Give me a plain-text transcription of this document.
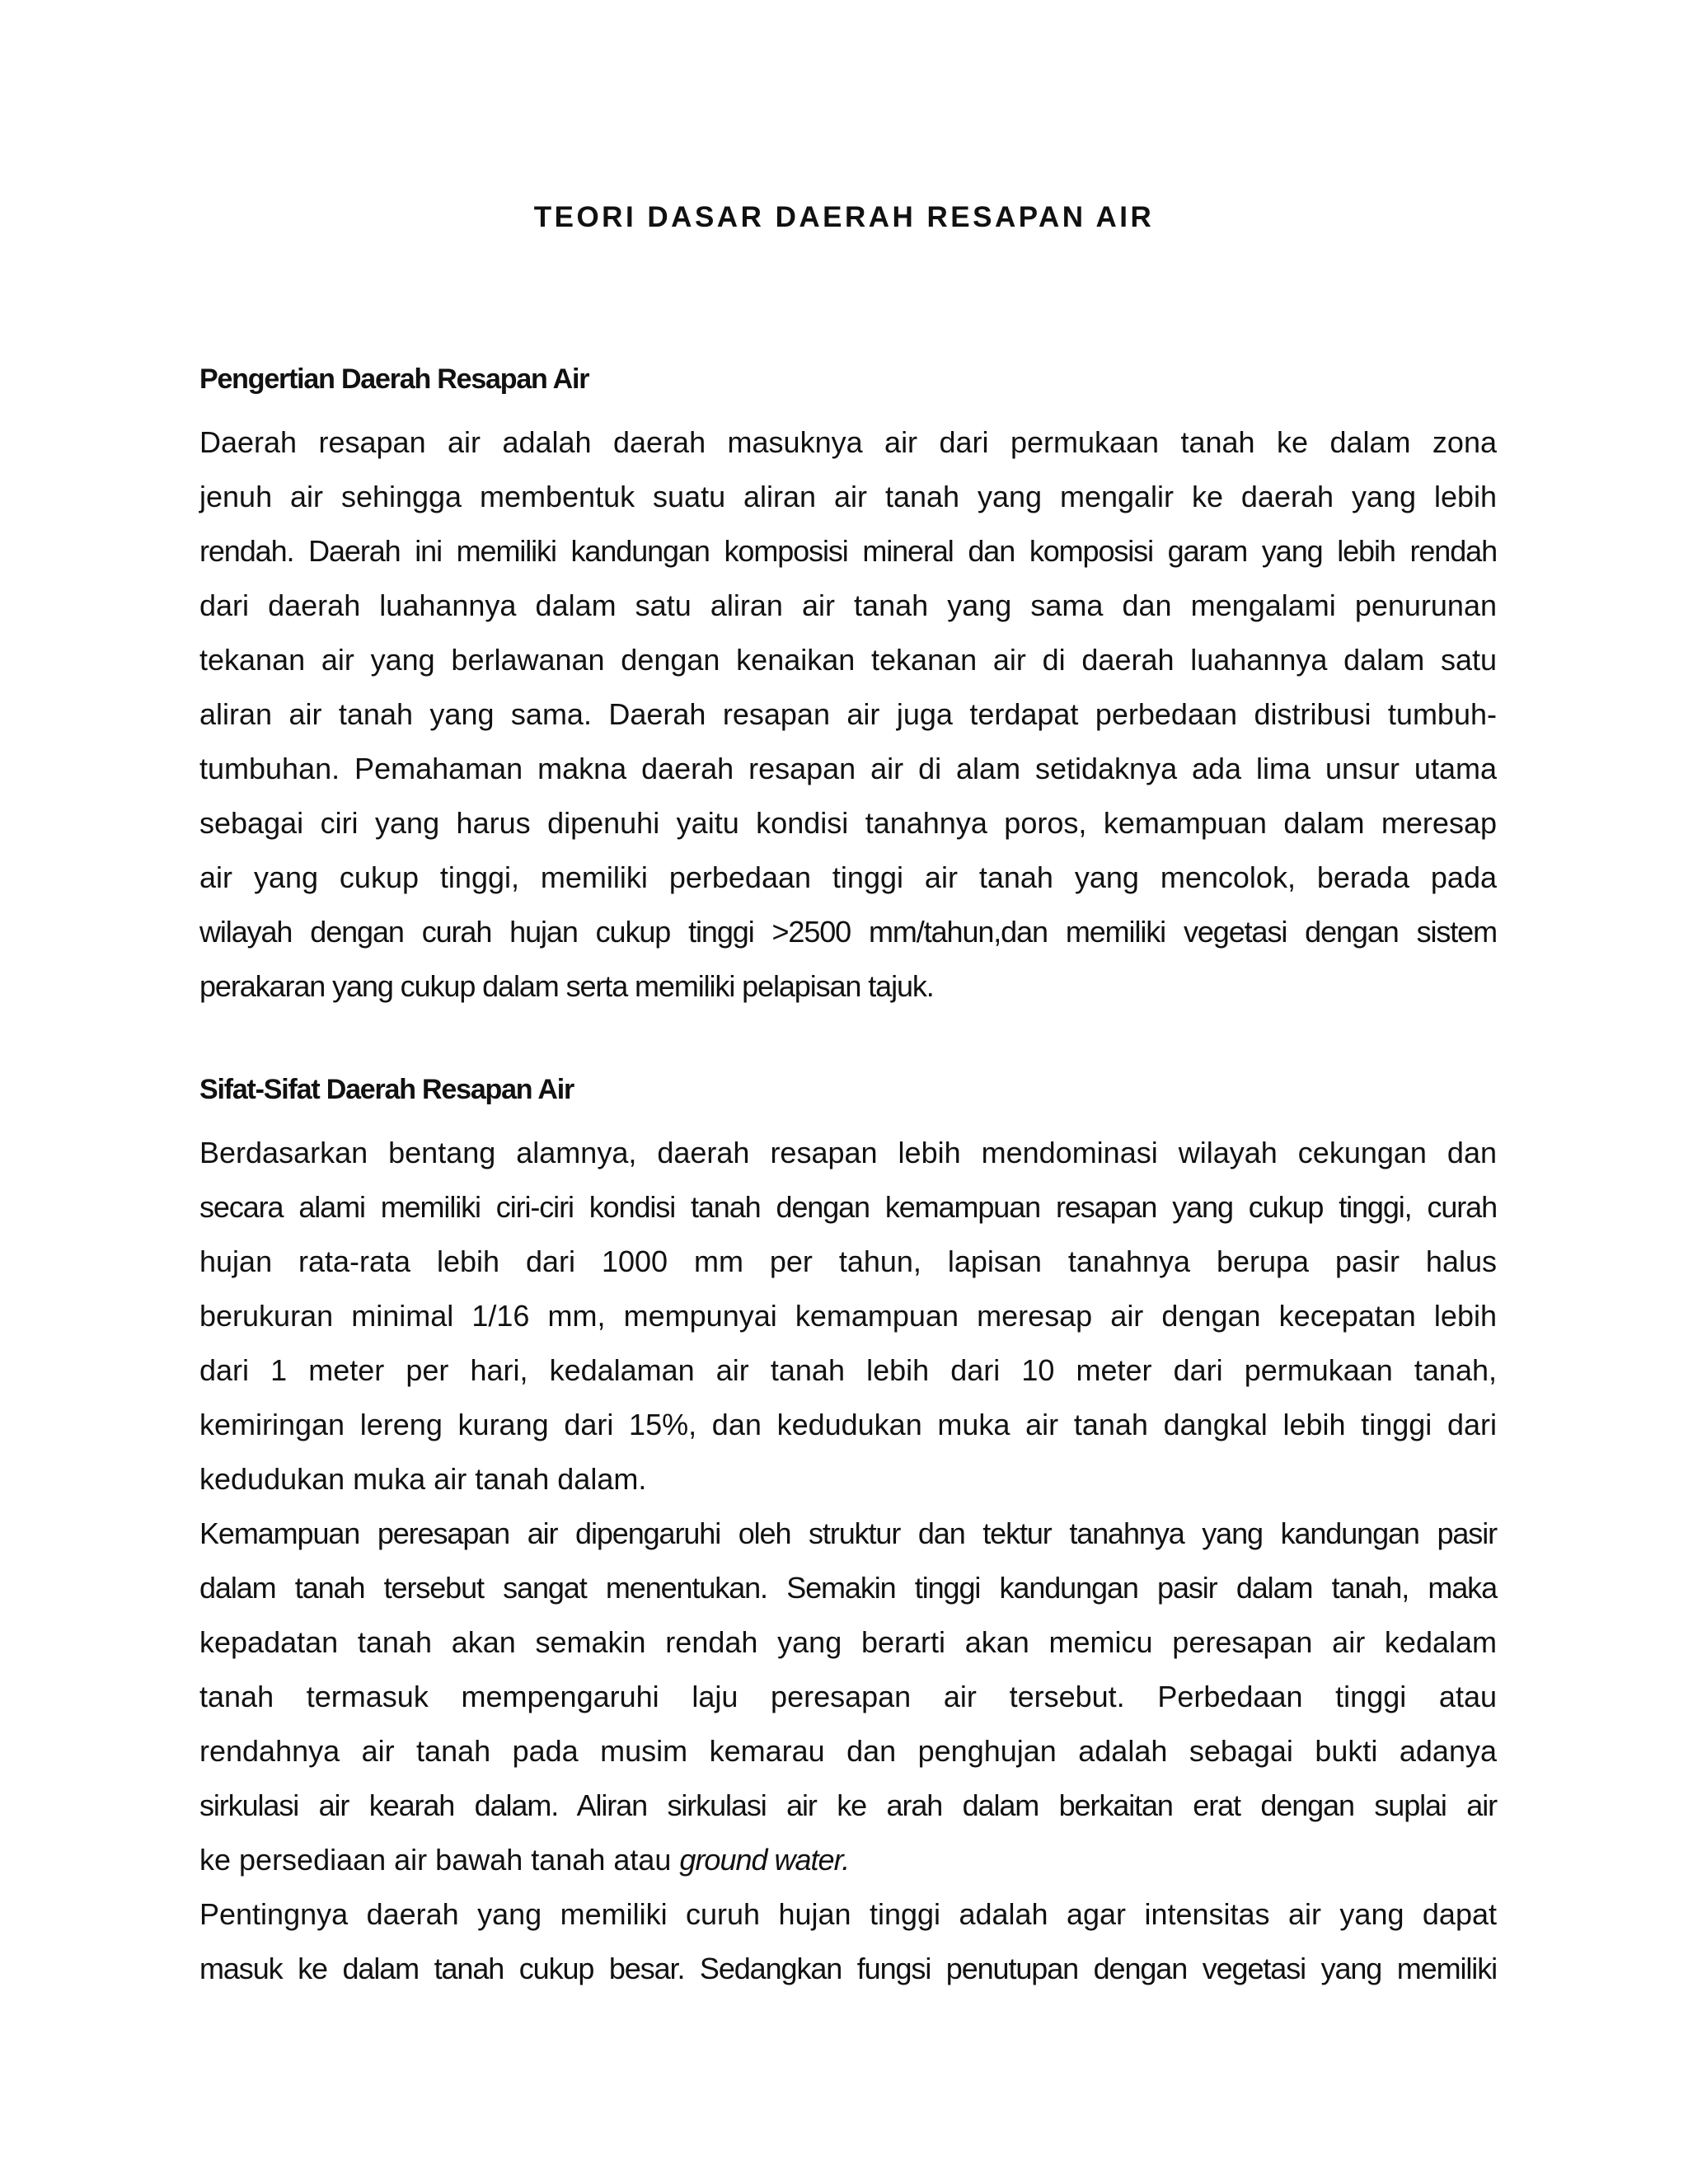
TEORI DASAR DAERAH RESAPAN AIR
Pengertian Daerah Resapan Air

Daerah resapan air adalah daerah masuknya air dari permukaan tanah ke dalam zona
jenuh air sehingga membentuk suatu aliran air tanah yang mengalir ke daerah yang lebih
rendah. Daerah ini memiliki kandungan komposisi mineral dan komposisi garam yang lebih rendah
dari daerah luahannya dalam satu aliran air tanah yang sama dan mengalami penurunan
tekanan air yang berlawanan dengan kenaikan tekanan air di daerah luahannya dalam satu
aliran air tanah yang sama. Daerah resapan air juga terdapat perbedaan distribusi tumbuh-
tumbuhan. Pemahaman makna daerah resapan air di alam setidaknya ada lima unsur utama
sebagai ciri yang harus dipenuhi yaitu kondisi tanahnya poros, kemampuan dalam meresap
air yang cukup tinggi, memiliki perbedaan tinggi air tanah yang mencolok, berada pada
wilayah dengan curah hujan cukup tinggi >2500 mm/tahun,dan memiliki vegetasi dengan sistem
perakaran yang cukup dalam serta memiliki pelapisan tajuk.

Sifat-Sifat Daerah Resapan Air

Berdasarkan bentang alamnya, daerah resapan lebih mendominasi wilayah cekungan dan
secara alami memiliki ciri-ciri kondisi tanah dengan kemampuan resapan yang cukup tinggi, curah
hujan rata-rata lebih dari 1000 mm per tahun, lapisan tanahnya berupa pasir halus
berukuran minimal 1/16 mm, mempunyai kemampuan meresap air dengan kecepatan lebih
dari 1 meter per hari, kedalaman air tanah lebih dari 10 meter dari permukaan tanah,
kemiringan lereng kurang dari 15%, dan kedudukan muka air tanah dangkal lebih tinggi dari
kedudukan muka air tanah dalam.

Kemampuan peresapan air dipengaruhi oleh struktur dan tektur tanahnya yang kandungan pasir
dalam tanah tersebut sangat menentukan. Semakin tinggi kandungan pasir dalam tanah, maka
kepadatan tanah akan semakin rendah yang berarti akan memicu peresapan air kedalam
tanah termasuk mempengaruhi laju peresapan air tersebut. Perbedaan tinggi atau
rendahnya air tanah pada musim kemarau dan penghujan adalah sebagai bukti adanya
sirkulasi air kearah dalam. Aliran sirkulasi air ke arah dalam berkaitan erat dengan suplai air
ke persediaan air bawah tanah atau ground water.

Pentingnya daerah yang memiliki curuh hujan tinggi adalah agar intensitas air yang dapat
masuk ke dalam tanah cukup besar. Sedangkan fungsi penutupan dengan vegetasi yang memiliki
